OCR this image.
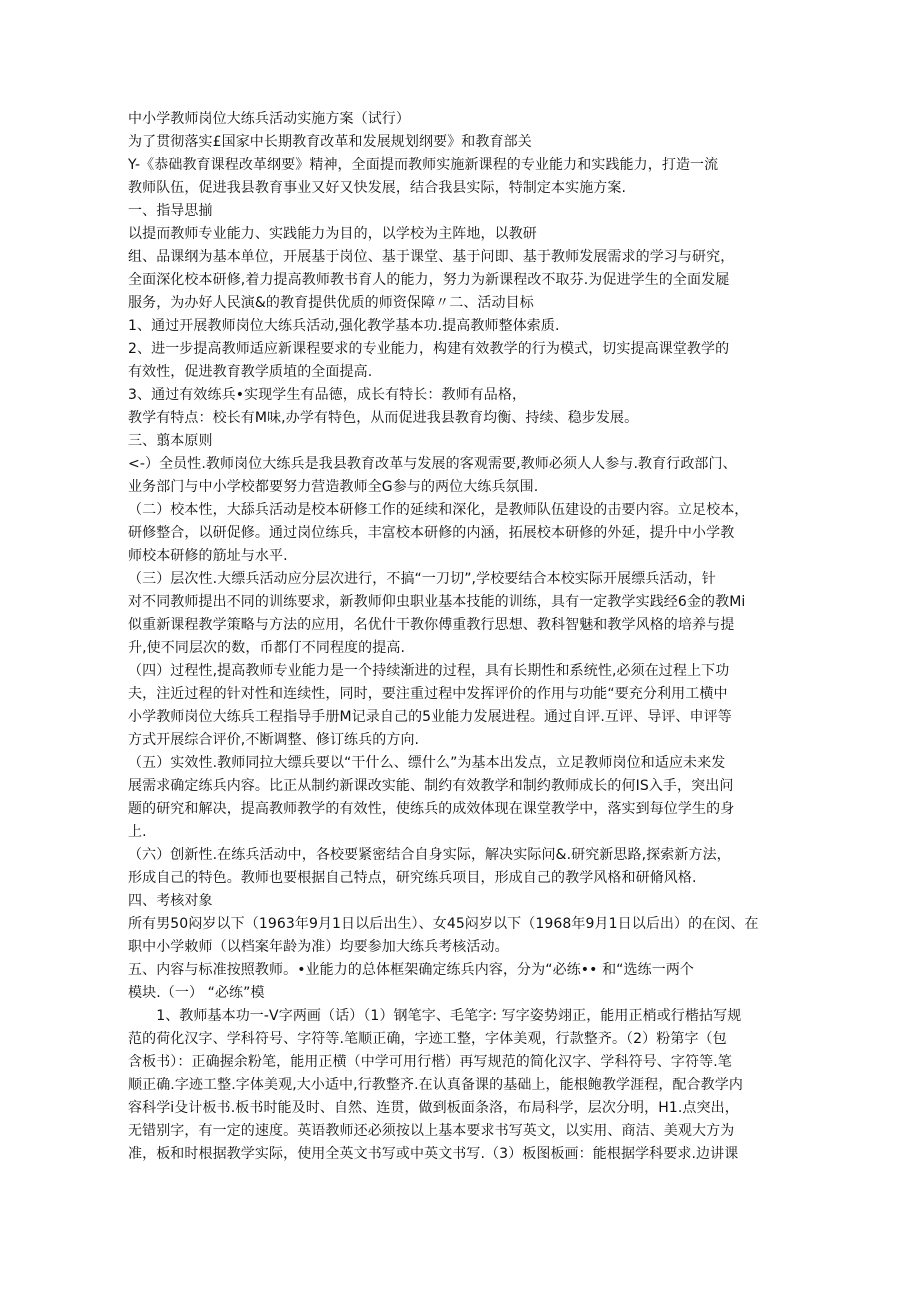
中小学教师岗位大练兵活动实施方案（试行）
为了贯彻落实£国家中长期教育改革和发展规划纲要》和教育部关
Y-《恭础教育课程改革纲要》精神，全面提而教师实施新课程的专业能力和实践能力，打造一流
教师队伍，促进我县教育事业又好又快发展，结合我县实际，特制定本实施方案.
一、指导思揃
以提而教师专业能力、实践能力为目的，以学校为主阵地，以教研
组、品课纲为基本单位，开展基于岗位、基于课堂、基于问即、基于教师发展需求的学习与研究，
全面深化校本研修,着力提高教师教书育人的能力，努力为新课程改不取芬.为促进学生的全面发屣
服务，为办好人民演&的教育提供优质的师资保障〃二、活动目标
1、通过开展教师岗位大练兵活动,强化教学基本功.提高教师整体索质.
2、进一步提高教师适应新课程要求的专业能力，构建有效教学的行为模式，切实提高课堂教学的
有效性，促进教育教学质埴的全面提高.
3、通过有效练兵•实现学生有品德，成长有特长：教师有品格，
教学有特点：校长有M味,办学有特色，从而促进我县教育均衡、持续、稳步发展。
三、翦本原则
<-）全员性.教师岗位大练兵是我县教育改革与发展的客观需要,教师必须人人参与.教育行政部门、
业务部门与中小学校都要努力营造教师全G参与的两位大练兵氛围.
（二）校本性，大舔兵活动是校本研修工作的延续和深化，是教师队伍建设的击要内容。立足校本，
研修整合，以研促修。通过岗位练兵，丰富校本研修的内涵，拓展校本研修的外延，提升中小学教
师校本研修的筋址与水平.
（三）层次性.大缥兵活动应分层次进行，不搞“一刀切”,学校要结合本校实际开展缥兵活动，针
对不同教师提出不同的训练要求，新教师仰虫职业基本技能的训练，具有一定教学实践经6金的教Mi
似重新课程教学策略与方法的应用，名优什干教你傅重教行思想、教科智魅和教学风格的培养与提
升,使不同层次的数，币都仃不同程度的提高.
（四）过程性,提高教师专业能力是一个持续渐进的过程，具有长期性和系统性,必须在过程上下功
夫，注近过程的针对性和连续性，同时，要注重过程中发挥评价的作用与功能“要充分利用工横中
小学教师岗位大练兵工程指导手册M记录自己的5业能力发展进程。通过自评.互评、导评、申评等
方式开展综合评价,不断调整、修订练兵的方向.
（五）实效性.教师同拉大缥兵要以“干什么、缥什么”为基本出发点，立足教师岗位和适应未来发
展需求确定练兵内容。比正从制约新课改实能、制约有效教学和制约教师成长的何IS入手，突出问
题的研究和解决，提高教师教学的有效性，使练兵的成效体现在课堂教学中，落实到每位学生的身
上.
（六）创新性.在练兵活动中，各校要紧密结合自身实际，解决实际问&.研究新思路,探索新方法，
形成自己的特色。教师也要根据自己特点，研究练兵项目，形成自己的教学风格和研脩风格.
四、考核对象
所有男50闷岁以下（1963年9月1日以后出生）、女45闷岁以下（1968年9月1日以后出）的在闵、在
职中小学敕师（以档案年龄为准）均要参加大练兵考核活动。
五、内容与标准按照教师。•业能力的总体框架确定练兵内容，分为“必练•• 和“选练一两个
模块.（一） “必练”模
　　1、教师基本功一-V字两画（话）（1）钢笔字、毛笔字: 写字姿势翊正，能用正梢或行楷拈写规
范的荷化汉字、学科符号、字符等.笔顺正确，字迹工整，字体美观，行款整齐。（2）粉第字（包
含板书）：正确握余粉笔，能用正横（中学可用行楷）再写规范的简化汉字、学科符号、字符等.笔
顺正确.字迹工整.字体美观,大小适中,行教整齐.在认真备课的基础上，能根鲍教学涯程，配合教学内
容科学i殳计板书.板书时能及时、自然、连贯，做到板面条洛，布局科学，层次分明，H1.点突出，
无错别字，有一定的速度。英语教师还必须按以上基本要求书写英文，以实用、商洁、美观大方为
准，板和时根据教学实际，使用全英文书写或中英文书写.（3）板图板画：能根据学科要求.边讲课
